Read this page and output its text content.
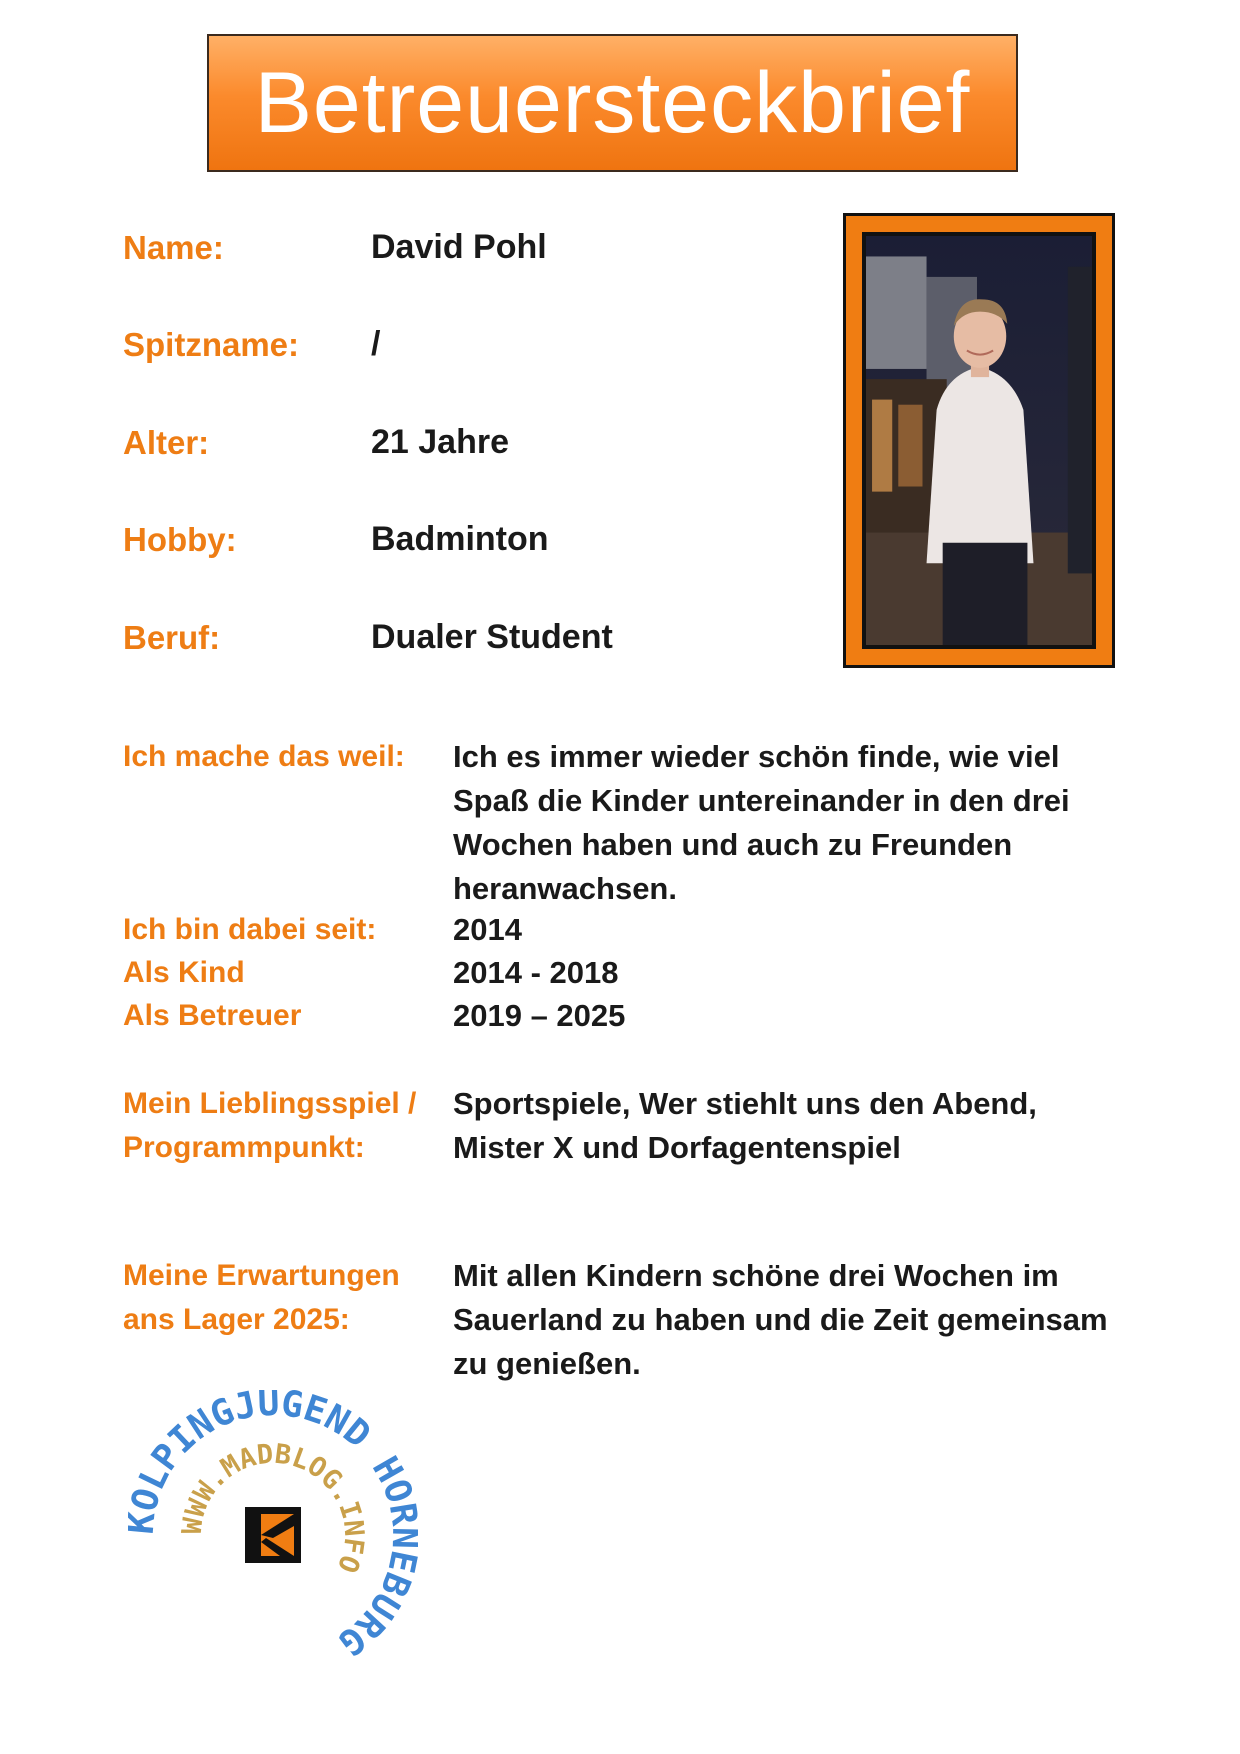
Betreuersteckbrief
Name:	David Pohl
Spitzname: /
Alter:	21 Jahre
Hobby:	Badminton
Beruf:	Dualer Student
Ich mache das weil: Ich es immer wieder schön finde, wie viel
Spaß die Kinder untereinander in den drei
Wochen haben und auch zu Freunden
heranwachsen.
Ich bin dabei seit: 2014
Als Kind	2014 - 2018
Als Betreuer	2019 – 2025
Mein Lieblingsspiel /
Programmpunkt:
Sportspiele, Wer stiehlt uns den Abend,
Mister X und Dorfagentenspiel
Meine Erwartungen
ans Lager 2025:
Mit allen Kindern schöne drei Wochen im
Sauerland zu haben und die Zeit gemeinsam
zu genießen.
OLPINGJUGEND HO BURG
WWW.MADBLOG.INFO
